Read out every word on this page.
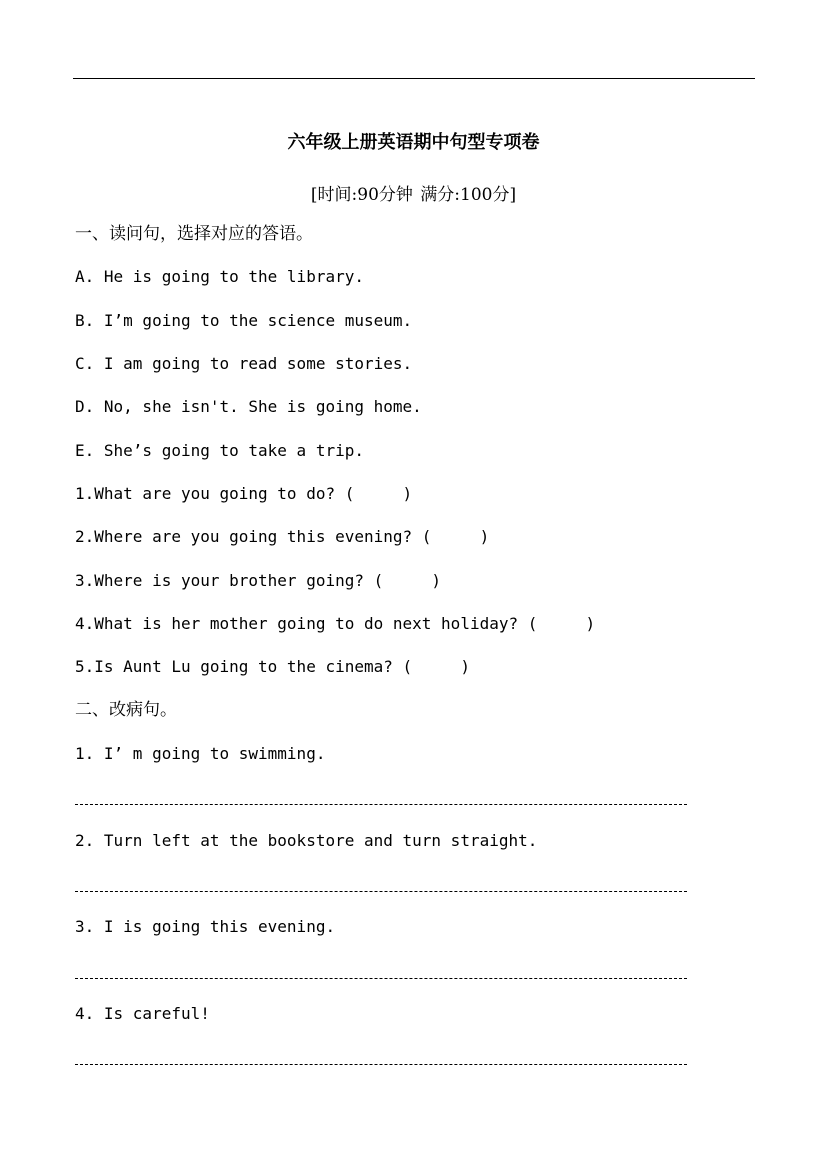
六年级上册英语期中句型专项卷
[时间:90分钟 满分:100分]
一、读问句，选择对应的答语。
A. He is going to the library.
B. I’m going to the science museum.
C. I am going to read some stories.
D. No, she isn't. She is going home.
E. She’s going to take a trip.
1.What are you going to do? (     )
2.Where are you going this evening? (     )
3.Where is your brother going? (     )
4.What is her mother going to do next holiday? (     )
5.Is Aunt Lu going to the cinema? (     )
二、改病句。
1. I’ m going to swimming.
2. Turn left at the bookstore and turn straight.
3. I is going this evening.
4. Is careful!
